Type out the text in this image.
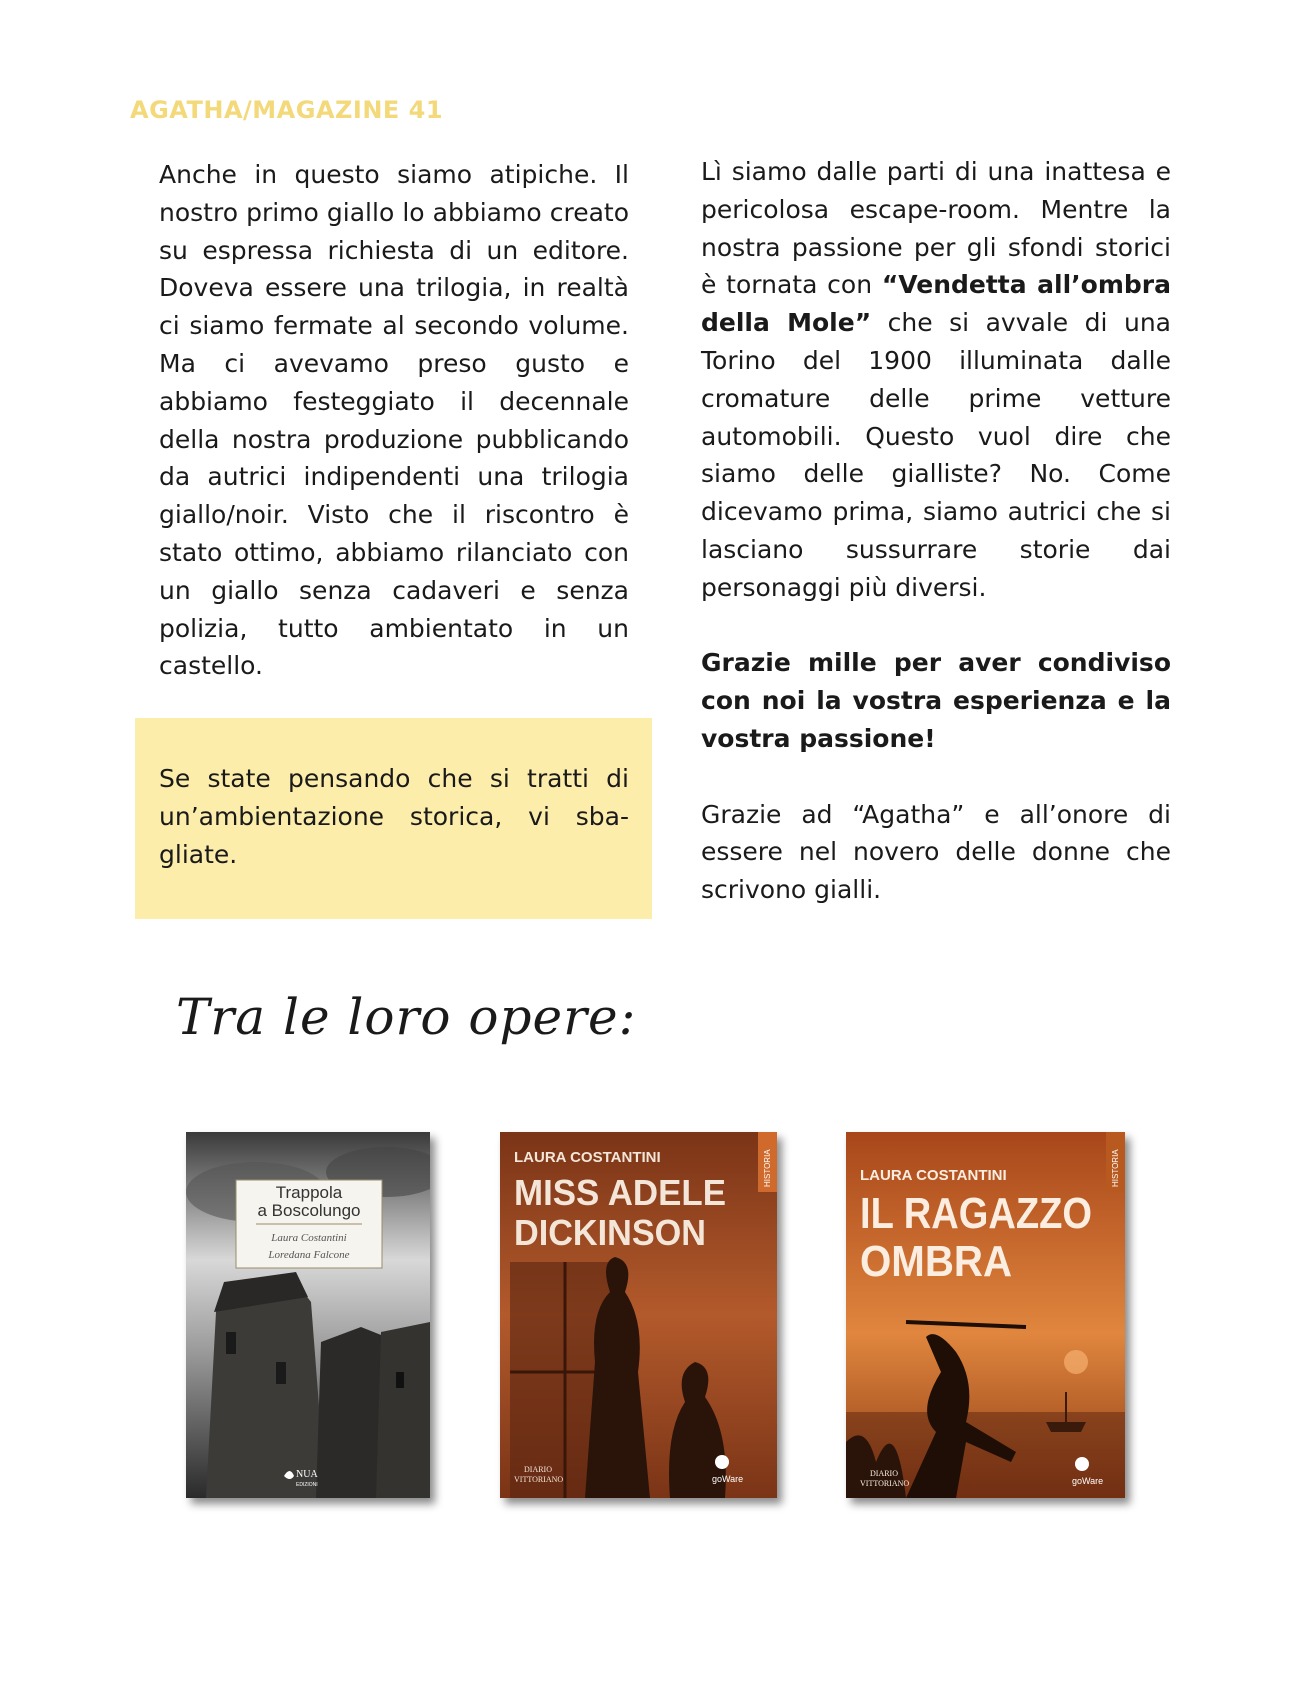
AGATHA/MAGAZINE 41

Anche in questo siamo atipiche. Il nostro primo giallo lo abbiamo creato su espressa richiesta di un editore. Doveva essere una trilogia, in realtà ci siamo fermate al secondo volume. Ma ci avevamo preso gusto e abbiamo festeggiato il decennale della nostra produzione pubblicando da autrici indipendenti una trilogia giallo/noir. Visto che il riscontro è stato ottimo, abbiamo rilanciato con un giallo senza cadaveri e senza polizia, tutto ambientato in un castello.

Se state pensando che si tratti di un’ambientazione storica, vi sba-gliate.

Lì siamo dalle parti di una inattesa e pericolosa escape-room. Mentre la nostra passione per gli sfondi storici è tornata con “Vendetta all’ombra della Mole” che si avvale di una Torino del 1900 illuminata dalle cromature delle prime vetture automobili. Questo vuol dire che siamo delle gialliste? No. Come dicevamo prima, siamo autrici che si lasciano sussurrare storie dai personaggi più diversi.

Grazie mille per aver condiviso con noi la vostra esperienza e la vostra passione!

Grazie ad “Agatha” e all’onore di essere nel novero delle donne che scrivono gialli.

Tra le loro opere:
Trappola
a Boscolungo
Laura Costantini
Loredana Falcone
NUA
EDIZIONI
HISTORIA
LAURA COSTANTINI
MISS ADELE
DICKINSON
DIARIO
VITTORIANO	goWare
HISTORIA
LAURA COSTANTINI
IL RAGAZZO
OMBRA
DIARIO
VITTORIANO	goWare
